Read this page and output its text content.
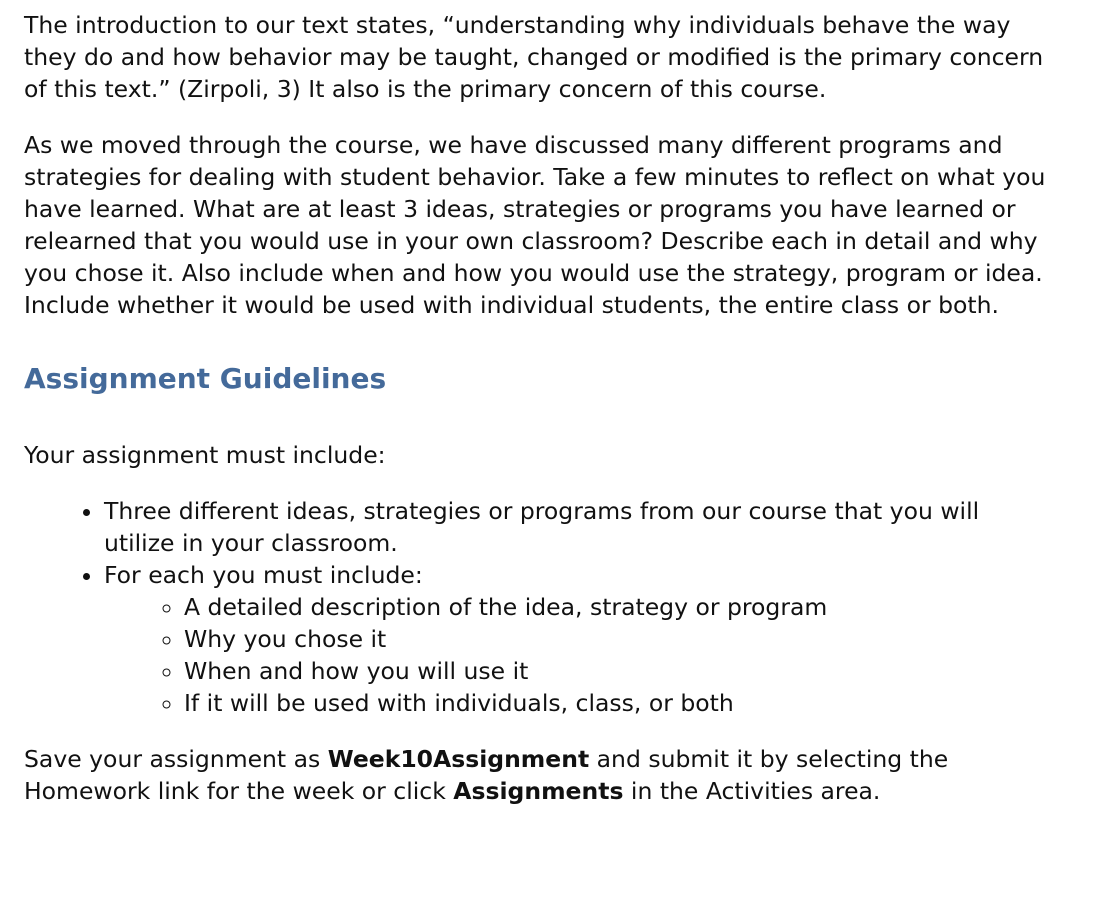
The introduction to our text states, “understanding why individuals behave the way they do and how behavior may be taught, changed or modified is the primary concern of this text.” (Zirpoli, 3) It also is the primary concern of this course.

As we moved through the course, we have discussed many different programs and strategies for dealing with student behavior. Take a few minutes to reflect on what you have learned. What are at least 3 ideas, strategies or programs you have learned or relearned that you would use in your own classroom? Describe each in detail and why you chose it. Also include when and how you would use the strategy, program or idea. Include whether it would be used with individual students, the entire class or both.

Assignment Guidelines

Your assignment must include:

• Three different ideas, strategies or programs from our course that you will utilize in your classroom.
• For each you must include:
◦ A detailed description of the idea, strategy or program
◦ Why you chose it
◦ When and how you will use it
◦ If it will be used with individuals, class, or both

Save your assignment as Week10Assignment and submit it by selecting the Homework link for the week or click Assignments in the Activities area.
